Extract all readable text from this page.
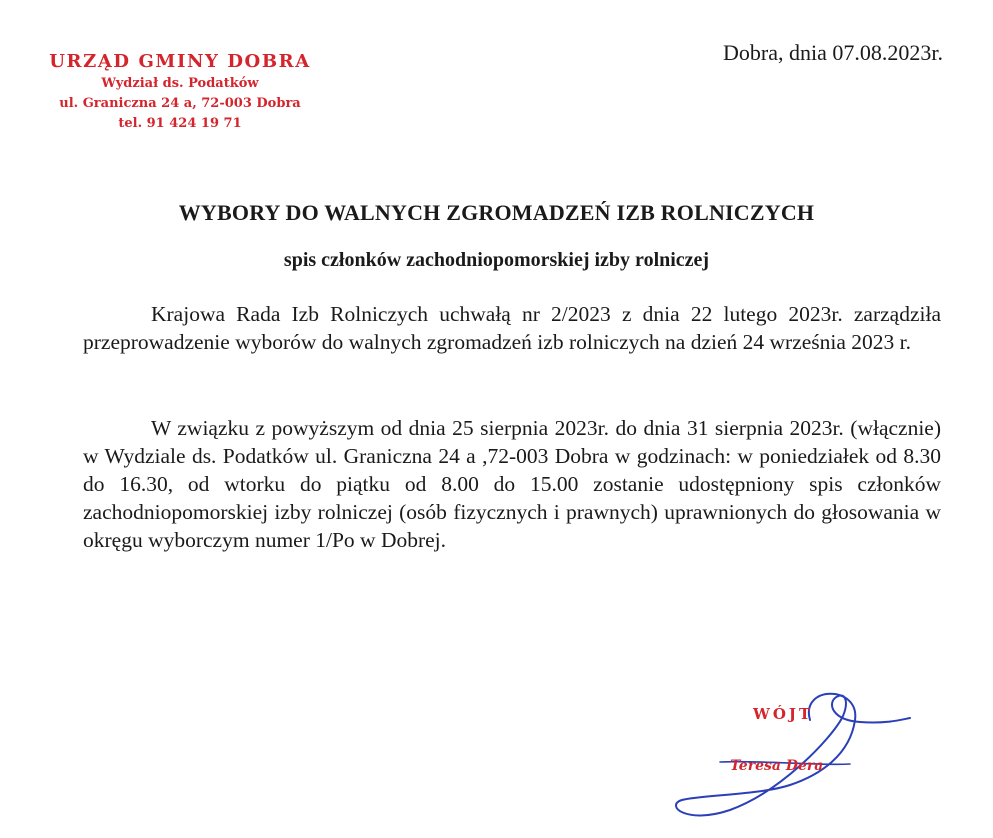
URZĄD GMINY DOBRA
Wydział ds. Podatków
ul. Graniczna 24 a, 72-003 Dobra
tel. 91 424 19 71
Dobra, dnia 07.08.2023r.
WYBORY DO WALNYCH ZGROMADZEŃ IZB ROLNICZYCH
spis członków zachodniopomorskiej izby rolniczej

Krajowa Rada Izb Rolniczych uchwałą nr 2/2023 z dnia 22 lutego 2023r. zarządziła przeprowadzenie wyborów do walnych zgromadzeń izb rolniczych na dzień 24 września 2023 r.

W związku z powyższym od dnia 25 sierpnia 2023r. do dnia 31 sierpnia 2023r. (włącznie) w Wydziale ds. Podatków ul. Graniczna 24 a ,72-003 Dobra w godzinach: w poniedziałek od 8.30 do 16.30, od wtorku do piątku od 8.00 do 15.00 zostanie udostępniony spis członków zachodniopomorskiej izby rolniczej (osób fizycznych i prawnych) uprawnionych do głosowania w okręgu wyborczym numer 1/Po w Dobrej.

WÓJT
Teresa Dera
